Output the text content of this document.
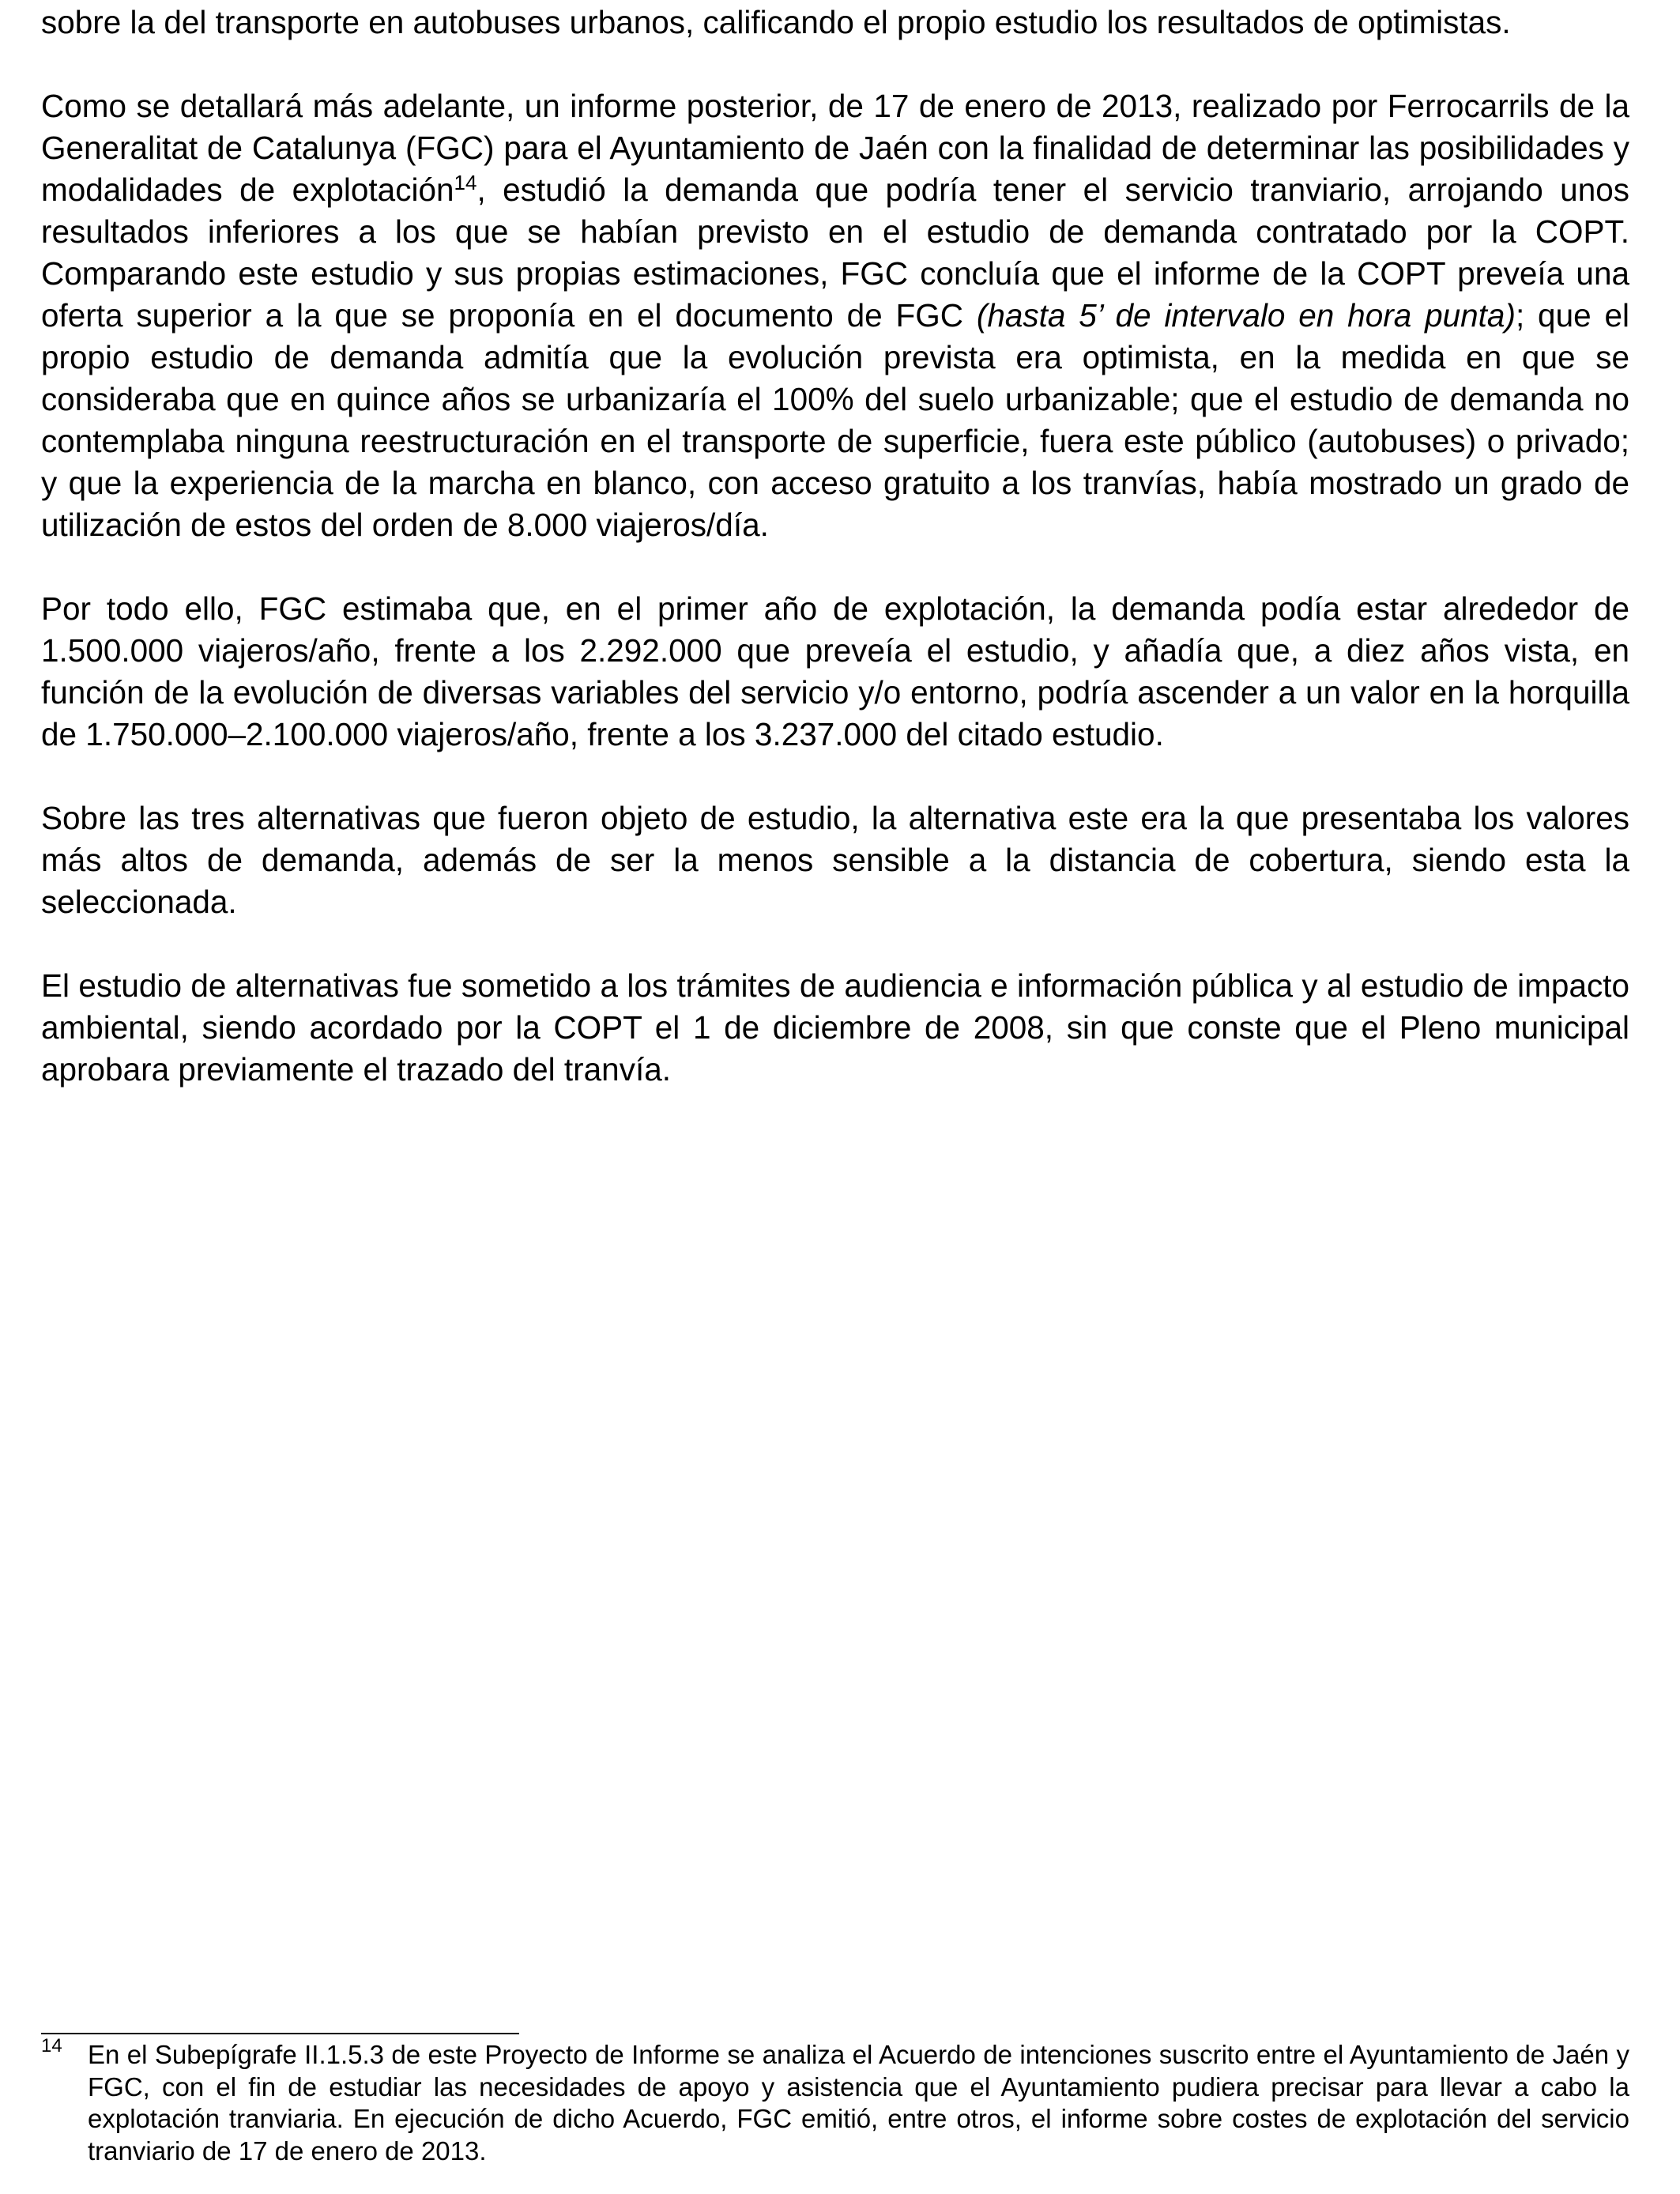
sobre la del transporte en autobuses urbanos, calificando el propio estudio los resultados de optimistas.

Como se detallará más adelante, un informe posterior, de 17 de enero de 2013, realizado por Ferrocarrils de la Generalitat de Catalunya (FGC) para el Ayuntamiento de Jaén con la finalidad de determinar las posibilidades y modalidades de explotación$^{14}$, estudió la demanda que podría tener el servicio tranviario, arrojando unos resultados inferiores a los que se habían previsto en el estudio de demanda contratado por la COPT. Comparando este estudio y sus propias estimaciones, FGC concluía que el informe de la COPT preveía una oferta superior a la que se proponía en el documento de FGC (hasta 5’ de intervalo en hora punta); que el propio estudio de demanda admitía que la evolución prevista era optimista, en la medida en que se consideraba que en quince años se urbanizaría el 100% del suelo urbanizable; que el estudio de demanda no contemplaba ninguna reestructuración en el transporte de superficie, fuera este público (autobuses) o privado; y que la experiencia de la marcha en blanco, con acceso gratuito a los tranvías, había mostrado un grado de utilización de estos del orden de 8.000 viajeros/día.

Por todo ello, FGC estimaba que, en el primer año de explotación, la demanda podía estar alrededor de 1.500.000 viajeros/año, frente a los 2.292.000 que preveía el estudio, y añadía que, a diez años vista, en función de la evolución de diversas variables del servicio y/o entorno, podría ascender a un valor en la horquilla de 1.750.000–2.100.000 viajeros/año, frente a los 3.237.000 del citado estudio.

Sobre las tres alternativas que fueron objeto de estudio, la alternativa este era la que presentaba los valores más altos de demanda, además de ser la menos sensible a la distancia de cobertura, siendo esta la seleccionada.

El estudio de alternativas fue sometido a los trámites de audiencia e información pública y al estudio de impacto ambiental, siendo acordado por la COPT el 1 de diciembre de 2008, sin que conste que el Pleno municipal aprobara previamente el trazado del tranvía.

14 En el Subepígrafe II.1.5.3 de este Proyecto de Informe se analiza el Acuerdo de intenciones suscrito entre el Ayuntamiento de Jaén y FGC, con el fin de estudiar las necesidades de apoyo y asistencia que el Ayuntamiento pudiera precisar para llevar a cabo la explotación tranviaria. En ejecución de dicho Acuerdo, FGC emitió, entre otros, el informe sobre costes de explotación del servicio tranviario de 17 de enero de 2013.
